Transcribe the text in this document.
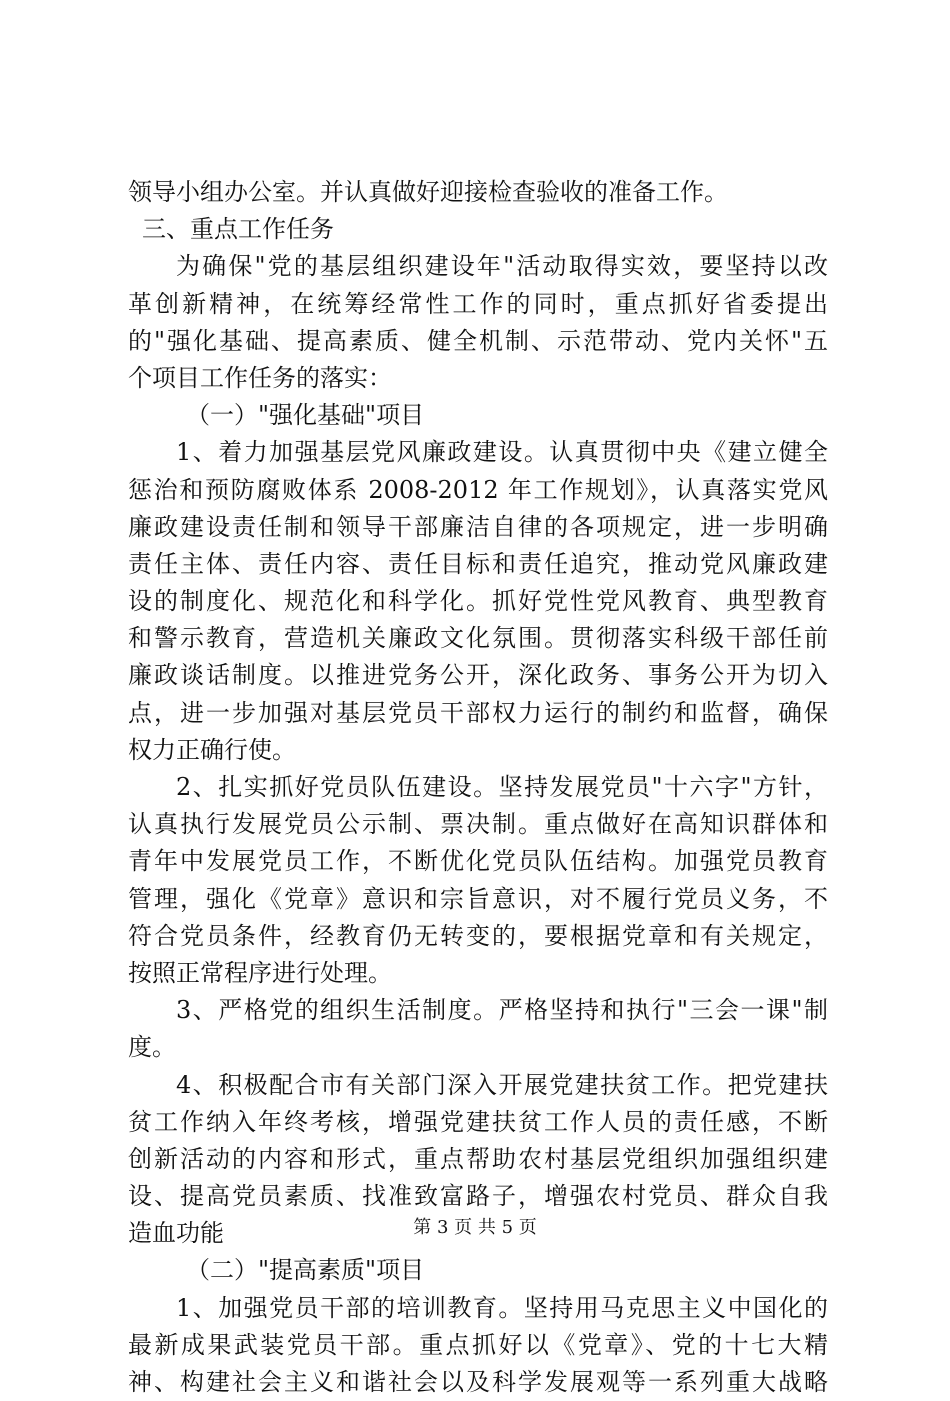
领导小组办公室。并认真做好迎接检查验收的准备工作。
三、重点工作任务
为确保"党的基层组织建设年"活动取得实效，要坚持以改
革创新精神，在统筹经常性工作的同时，重点抓好省委提出
的"强化基础、提高素质、健全机制、示范带动、党内关怀"五
个项目工作任务的落实：
（一）"强化基础"项目
1、着力加强基层党风廉政建设。认真贯彻中央《建立健全
惩治和预防腐败体系 2008-2012 年工作规划》，认真落实党风
廉政建设责任制和领导干部廉洁自律的各项规定，进一步明确
责任主体、责任内容、责任目标和责任追究，推动党风廉政建
设的制度化、规范化和科学化。抓好党性党风教育、典型教育
和警示教育，营造机关廉政文化氛围。贯彻落实科级干部任前
廉政谈话制度。以推进党务公开，深化政务、事务公开为切入
点，进一步加强对基层党员干部权力运行的制约和监督，确保
权力正确行使。
2、扎实抓好党员队伍建设。坚持发展党员"十六字"方针，
认真执行发展党员公示制、票决制。重点做好在高知识群体和
青年中发展党员工作，不断优化党员队伍结构。加强党员教育
管理，强化《党章》意识和宗旨意识，对不履行党员义务，不
符合党员条件，经教育仍无转变的，要根据党章和有关规定，
按照正常程序进行处理。
3、严格党的组织生活制度。严格坚持和执行"三会一课"制
度。
4、积极配合市有关部门深入开展党建扶贫工作。把党建扶
贫工作纳入年终考核，增强党建扶贫工作人员的责任感，不断
创新活动的内容和形式，重点帮助农村基层党组织加强组织建
设、提高党员素质、找准致富路子，增强农村党员、群众自我
造血功能
（二）"提高素质"项目
1、加强党员干部的培训教育。坚持用马克思主义中国化的
最新成果武装党员干部。重点抓好以《党章》、党的十七大精
神、构建社会主义和谐社会以及科学发展观等一系列重大战略
第 3 页 共 5 页
